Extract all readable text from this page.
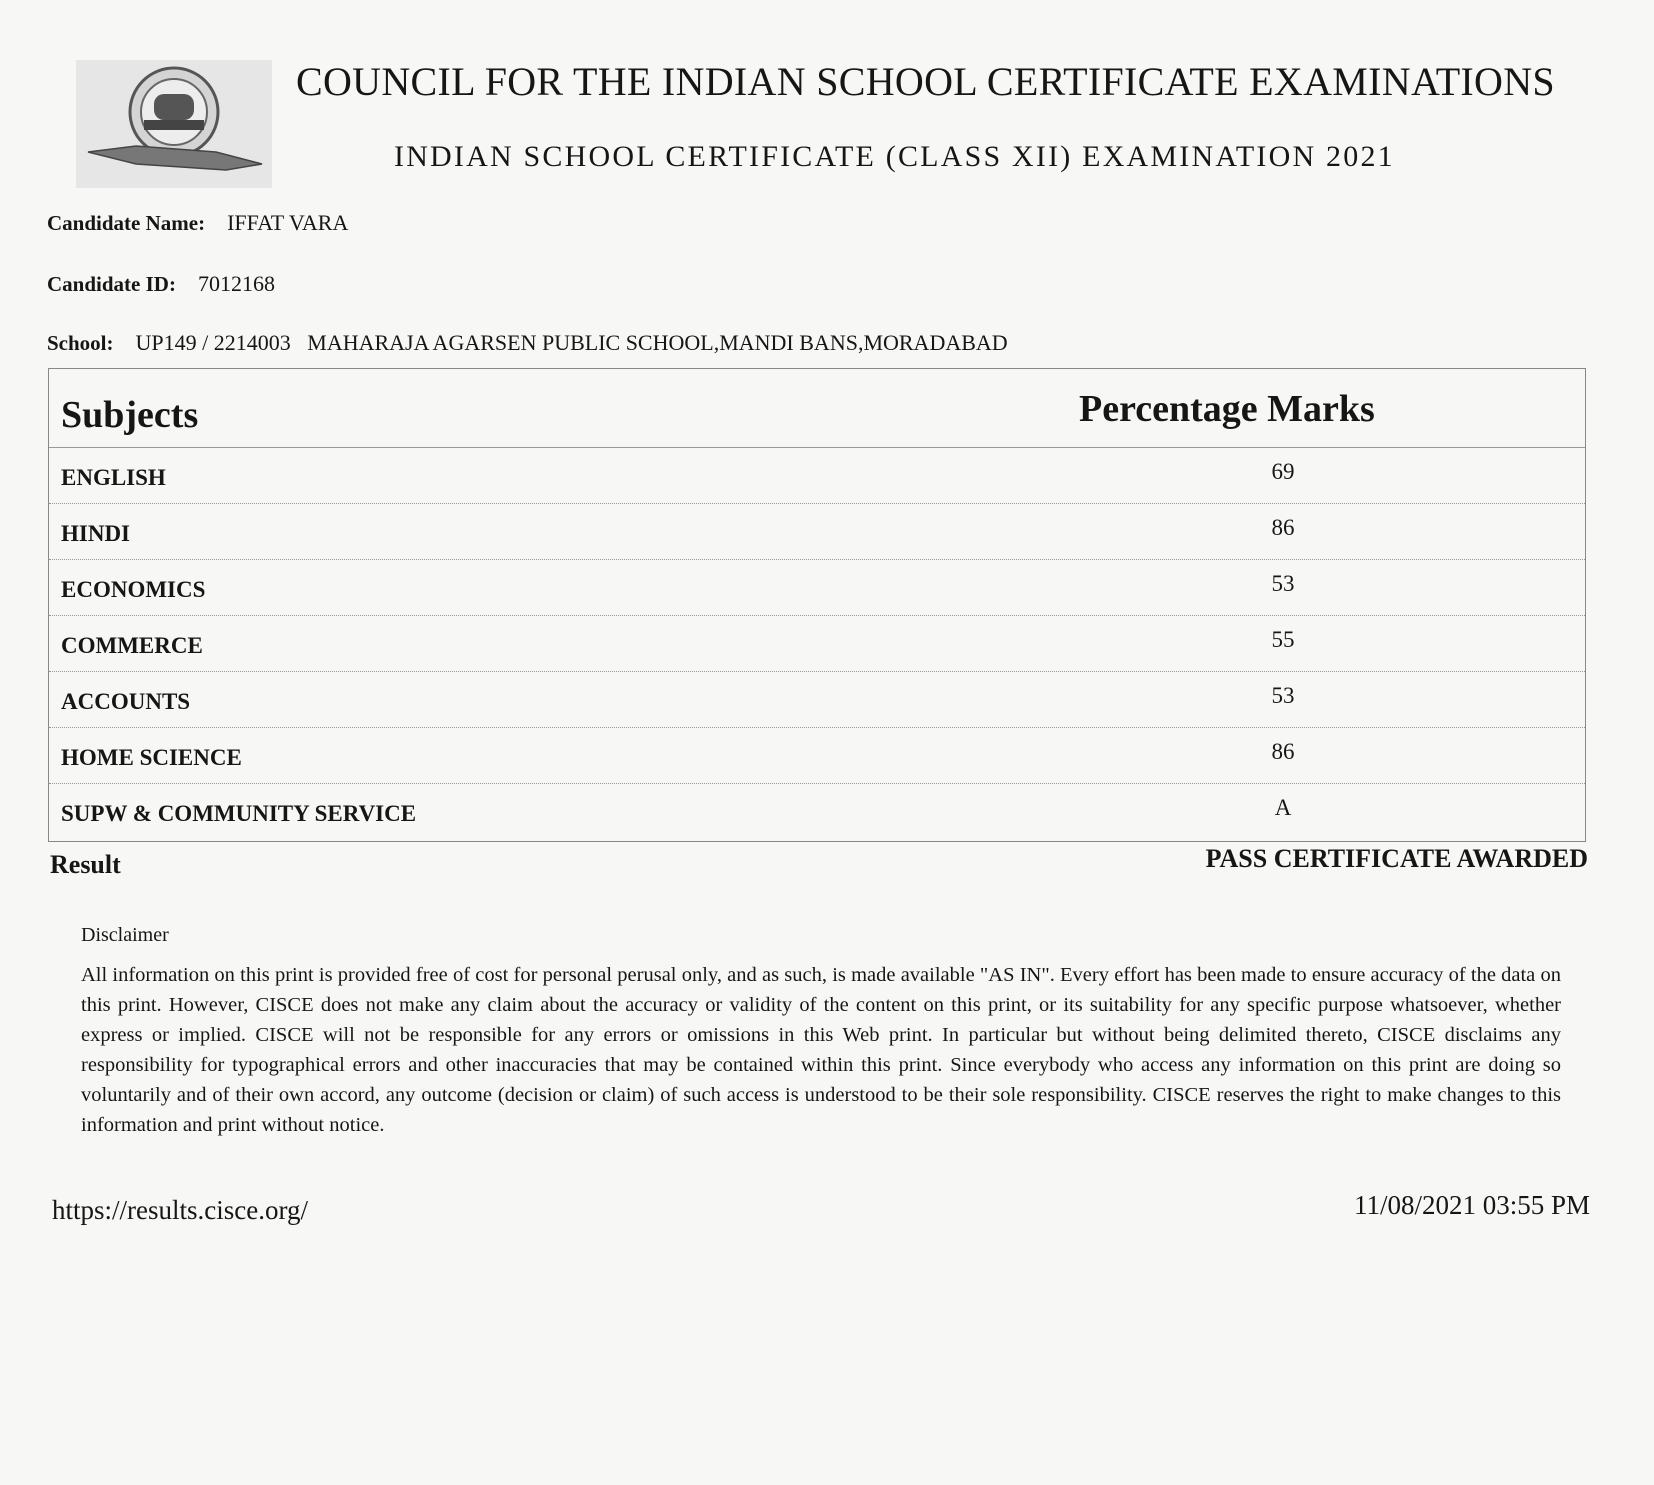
COUNCIL FOR THE INDIAN SCHOOL CERTIFICATE EXAMINATIONS
INDIAN SCHOOL CERTIFICATE (CLASS XII) EXAMINATION 2021
Candidate Name: IFFAT VARA
Candidate ID: 7012168
School: UP149 / 2214003   MAHARAJA AGARSEN PUBLIC SCHOOL,MANDI BANS,MORADABAD
Subjects	Percentage Marks
ENGLISH	69
HINDI	86
ECONOMICS	53
COMMERCE	55
ACCOUNTS	53
HOME SCIENCE	86
SUPW & COMMUNITY SERVICE	A
Result	PASS CERTIFICATE AWARDED
Disclaimer
All information on this print is provided free of cost for personal perusal only, and as such, is made available "AS IN". Every effort has been made to ensure accuracy of the data on this print. However, CISCE does not make any claim about the accuracy or validity of the content on this print, or its suitability for any specific purpose whatsoever, whether express or implied. CISCE will not be responsible for any errors or omissions in this Web print. In particular but without being delimited thereto, CISCE disclaims any responsibility for typographical errors and other inaccuracies that may be contained within this print. Since everybody who access any information on this print are doing so voluntarily and of their own accord, any outcome (decision or claim) of such access is understood to be their sole responsibility. CISCE reserves the right to make changes to this information and print without notice.
https://results.cisce.org/	11/08/2021 03:55 PM
